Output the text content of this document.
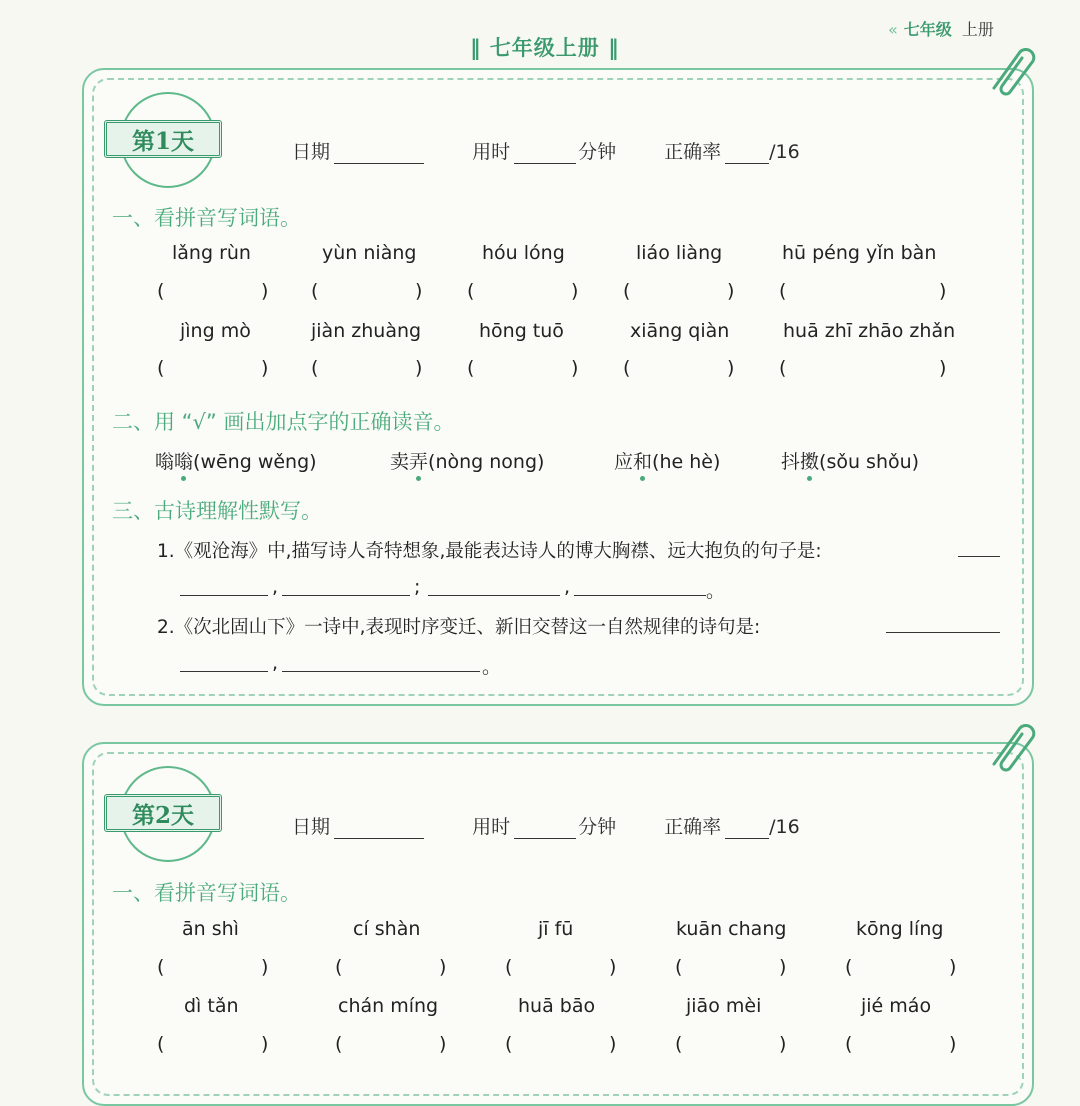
‖ 七年级上册 ‖
« 七年级 上册
第1天	日期	用时	分钟	正确率	/16
一、看拼音写词语。
lǎng rùn	yùn niàng	hóu lóng	liáo liàng	hū péng yǐn bàn
(	) (	) (	) (	) (	)
jìng mò	jiàn zhuàng	hōng tuō	xiāng qiàn	huā zhī zhāo zhǎn
(	) (	) (	) (	) (	)
二、用 “√” 画出加点字的正确读音。
嗡嗡(wēng wěng)	卖弄(nòng nong)	应和(he hè)	抖擞(sǒu shǒu)
三、古诗理解性默写。
1.《观沧海》中,描写诗人奇特想象,最能表达诗人的博大胸襟、远大抱负的句子是:
,	;	,	。
2.《次北固山下》一诗中,表现时序变迁、新旧交替这一自然规律的诗句是:
,	。
第2天	日期	用时	分钟	正确率	/16
一、看拼音写词语。
ān shì	cí shàn	jī fū	kuān chang	kōng líng
(	)	(	)	(	)	(	)	(	)
dì tǎn	chán míng	huā bāo	jiāo mèi	jié máo
(	)	(	)	(	)	(	)	(	)
